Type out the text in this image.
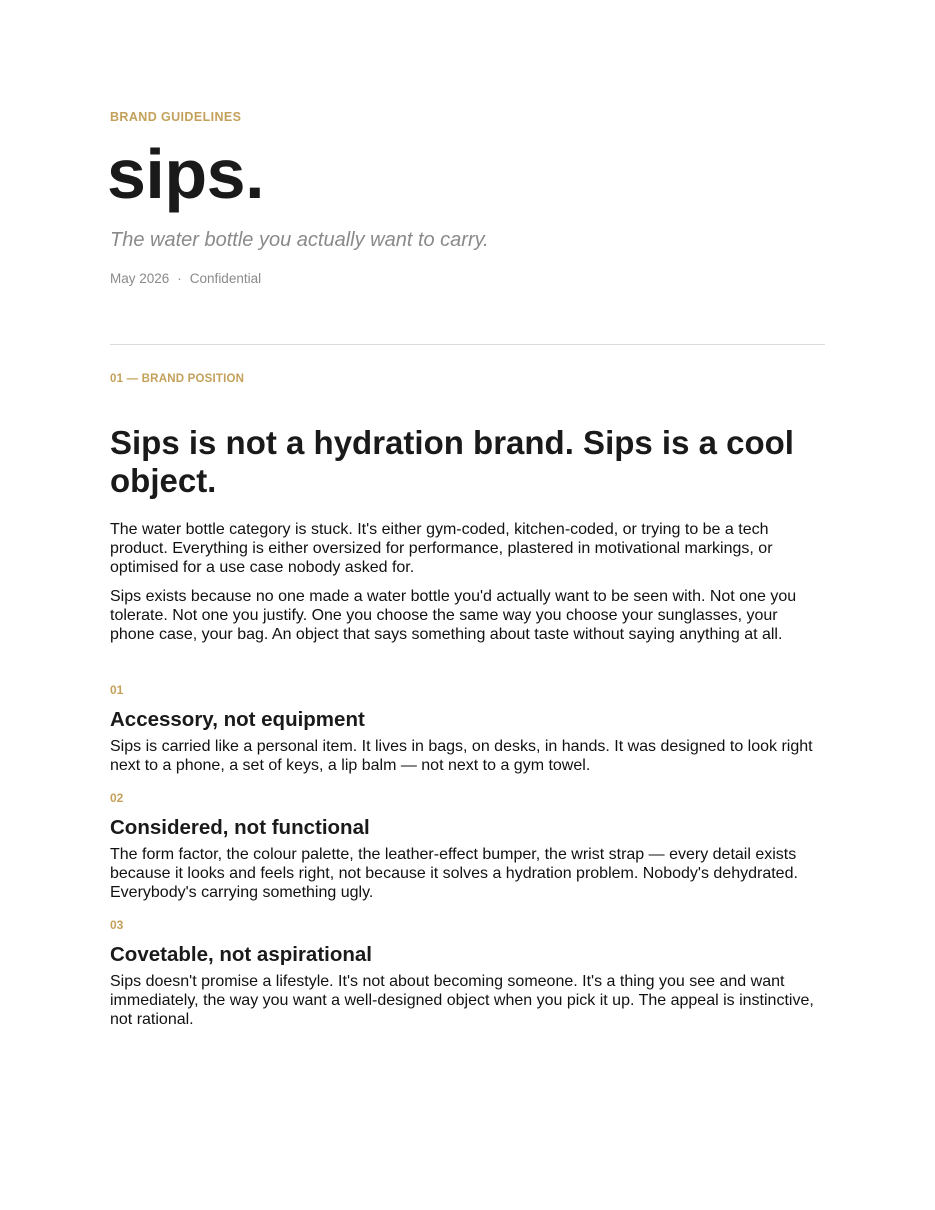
BRAND GUIDELINES
sips.
The water bottle you actually want to carry.
May 2026 · Confidential
01 — BRAND POSITION
Sips is not a hydration brand. Sips is a cool object.
The water bottle category is stuck. It's either gym-coded, kitchen-coded, or trying to be a tech product. Everything is either oversized for performance, plastered in motivational markings, or optimised for a use case nobody asked for.
Sips exists because no one made a water bottle you'd actually want to be seen with. Not one you tolerate. Not one you justify. One you choose the same way you choose your sunglasses, your phone case, your bag. An object that says something about taste without saying anything at all.
01
Accessory, not equipment
Sips is carried like a personal item. It lives in bags, on desks, in hands. It was designed to look right next to a phone, a set of keys, a lip balm — not next to a gym towel.
02
Considered, not functional
The form factor, the colour palette, the leather-effect bumper, the wrist strap — every detail exists because it looks and feels right, not because it solves a hydration problem. Nobody's dehydrated. Everybody's carrying something ugly.
03
Covetable, not aspirational
Sips doesn't promise a lifestyle. It's not about becoming someone. It's a thing you see and want immediately, the way you want a well-designed object when you pick it up. The appeal is instinctive, not rational.
